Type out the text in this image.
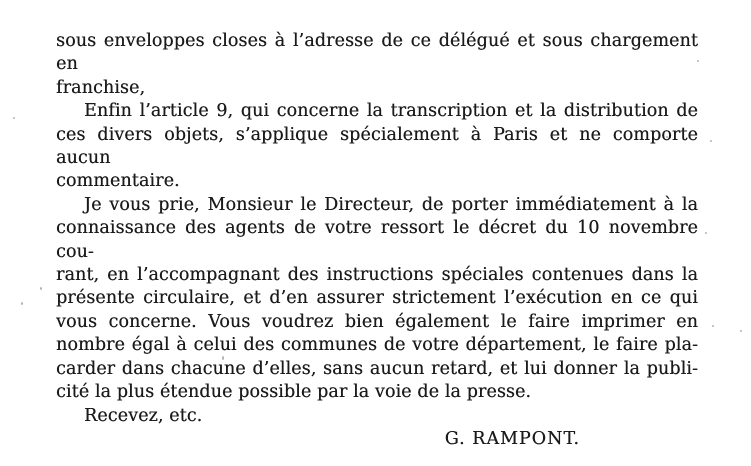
sous enveloppes closes à l’adresse de ce délégué et sous chargement en
franchise,
Enfin l’article 9, qui concerne la transcription et la distribution de
ces divers objets, s’applique spécialement à Paris et ne comporte aucun
commentaire.
Je vous prie, Monsieur le Directeur, de porter immédiatement à la
connaissance des agents de votre ressort le décret du 10 novembre cou-
rant, en l’accompagnant des instructions spéciales contenues dans la
présente circulaire, et d’en assurer strictement l’exécution en ce qui
vous concerne. Vous voudrez bien également le faire imprimer en
nombre égal à celui des communes de votre département, le faire pla-
carder dans chacune d’elles, sans aucun retard, et lui donner la publi-
cité la plus étendue possible par la voie de la presse.
Recevez, etc.
G. RAMPONT.
